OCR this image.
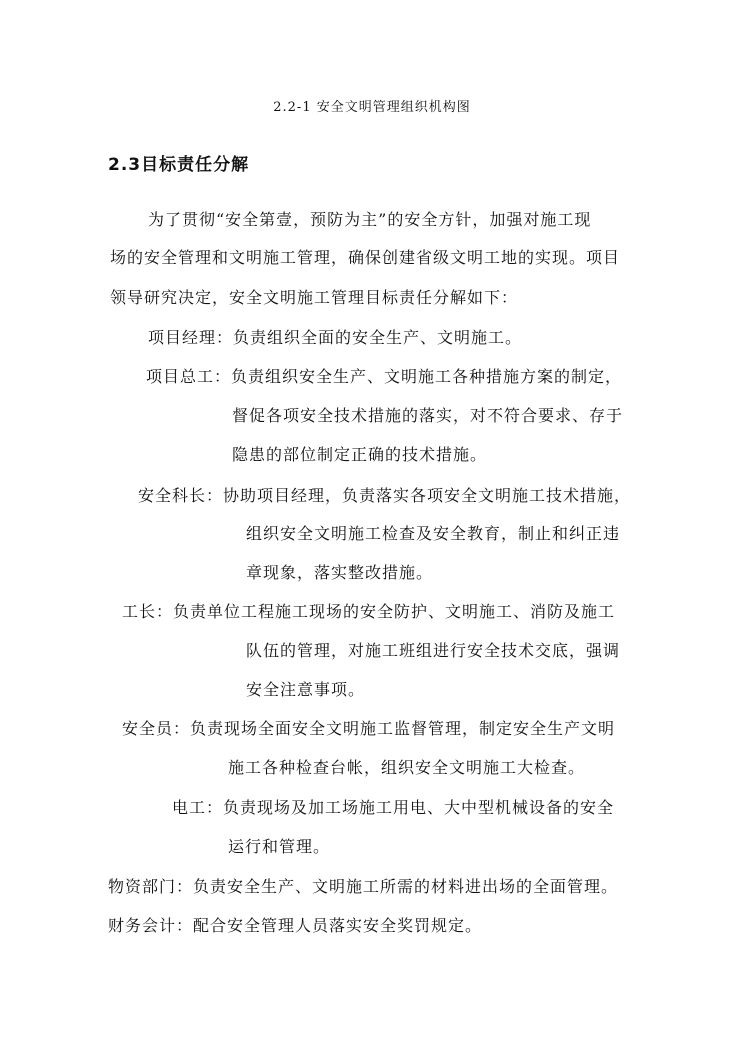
2.2-1 安全文明管理组织机构图
2.3目标责任分解
为了贯彻“安全第壹，预防为主”的安全方针，加强对施工现
场的安全管理和文明施工管理，确保创建省级文明工地的实现。项目
领导研究决定，安全文明施工管理目标责任分解如下：
项目经理：负责组织全面的安全生产、文明施工。
项目总工：负责组织安全生产、文明施工各种措施方案的制定，
督促各项安全技术措施的落实，对不符合要求、存于
隐患的部位制定正确的技术措施。
安全科长：协助项目经理，负责落实各项安全文明施工技术措施，
组织安全文明施工检查及安全教育，制止和纠正违
章现象，落实整改措施。
工长：负责单位工程施工现场的安全防护、文明施工、消防及施工
队伍的管理，对施工班组进行安全技术交底，强调
安全注意事项。
安全员：负责现场全面安全文明施工监督管理，制定安全生产文明
施工各种检查台帐，组织安全文明施工大检查。
电工：负责现场及加工场施工用电、大中型机械设备的安全
运行和管理。
物资部门：负责安全生产、文明施工所需的材料进出场的全面管理。
财务会计：配合安全管理人员落实安全奖罚规定。
